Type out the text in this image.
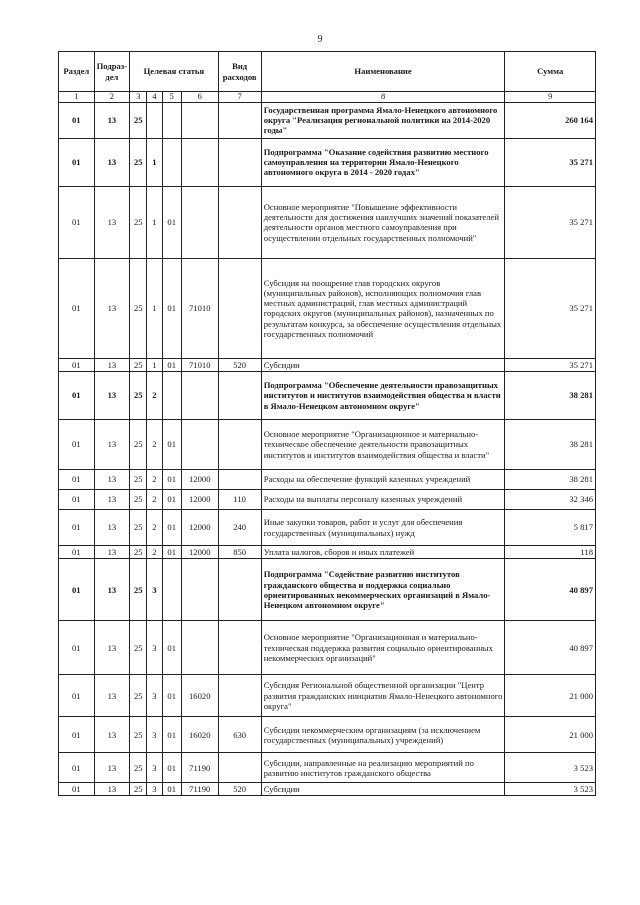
9
Раздел	Подраз-дел	Целевая статья				Вид расходов	Наименование	Сумма
1	2	3	4	5	6	7	8	9
01	13	25					Государственная программа Ямало-Ненецкого автономного округа "Реализация региональной политики на 2014-2020 годы"	260 164
01	13	25	1				Подпрограмма "Оказание содействия развитию местного самоуправления на территории Ямало-Ненецкого автономного округа в 2014 - 2020 годах"	35 271
01	13	25	1	01			Основное мероприятие "Повышение эффективности деятельности для достижения наилучших значений показателей деятельности органов местного самоуправления при осуществлении отдельных государственных полномочий"	35 271
01	13	25	1	01	71010		Субсидия на поощрение глав городских округов (муниципальных районов), исполняющих полномочия глав местных администраций, глав местных администраций городских округов (муниципальных районов), назначенных по результатам конкурса, за обеспечение осуществления отдельных государственных полномочий	35 271
01	13	25	1	01	71010	520	Субсидии	35 271
01	13	25	2				Подпрограмма "Обеспечение деятельности правозащитных институтов и институтов взаимодействия общества и власти в Ямало-Ненецком автономном округе"	38 281
01	13	25	2	01			Основное мероприятие "Организационное и материально-техническое обеспечение деятельности правозащитных институтов и институтов взаимодействия общества и власти"	38 281
01	13	25	2	01	12000		Расходы на обеспечение функций казенных учреждений	38 281
01	13	25	2	01	12000	110	Расходы на выплаты персоналу казенных учреждений	32 346
01	13	25	2	01	12000	240	Иные закупки товаров, работ и услуг для обеспечения государственных (муниципальных) нужд	5 817
01	13	25	2	01	12000	850	Уплата налогов, сборов и иных платежей	118
01	13	25	3				Подпрограмма "Содействие развитию институтов гражданского общества и поддержка социально ориентированных некоммерческих организаций в Ямало-Ненецком автономном округе"	40 897
01	13	25	3	01			Основное мероприятие "Организационная и материально-техническая поддержка развития социально ориентированных некоммерческих организаций"	40 897
01	13	25	3	01	16020		Субсидия Региональной общественной организации "Центр развития гражданских инициатив Ямало-Ненецкого автономного округа"	21 000
01	13	25	3	01	16020	630	Субсидии некоммерческим организациям (за исключением государственных (муниципальных) учреждений)	21 000
01	13	25	3	01	71190		Субсидии, направленные на реализацию мероприятий по развитию институтов гражданского общества	3 523
01	13	25	3	01	71190	520	Субсидии	3 523
